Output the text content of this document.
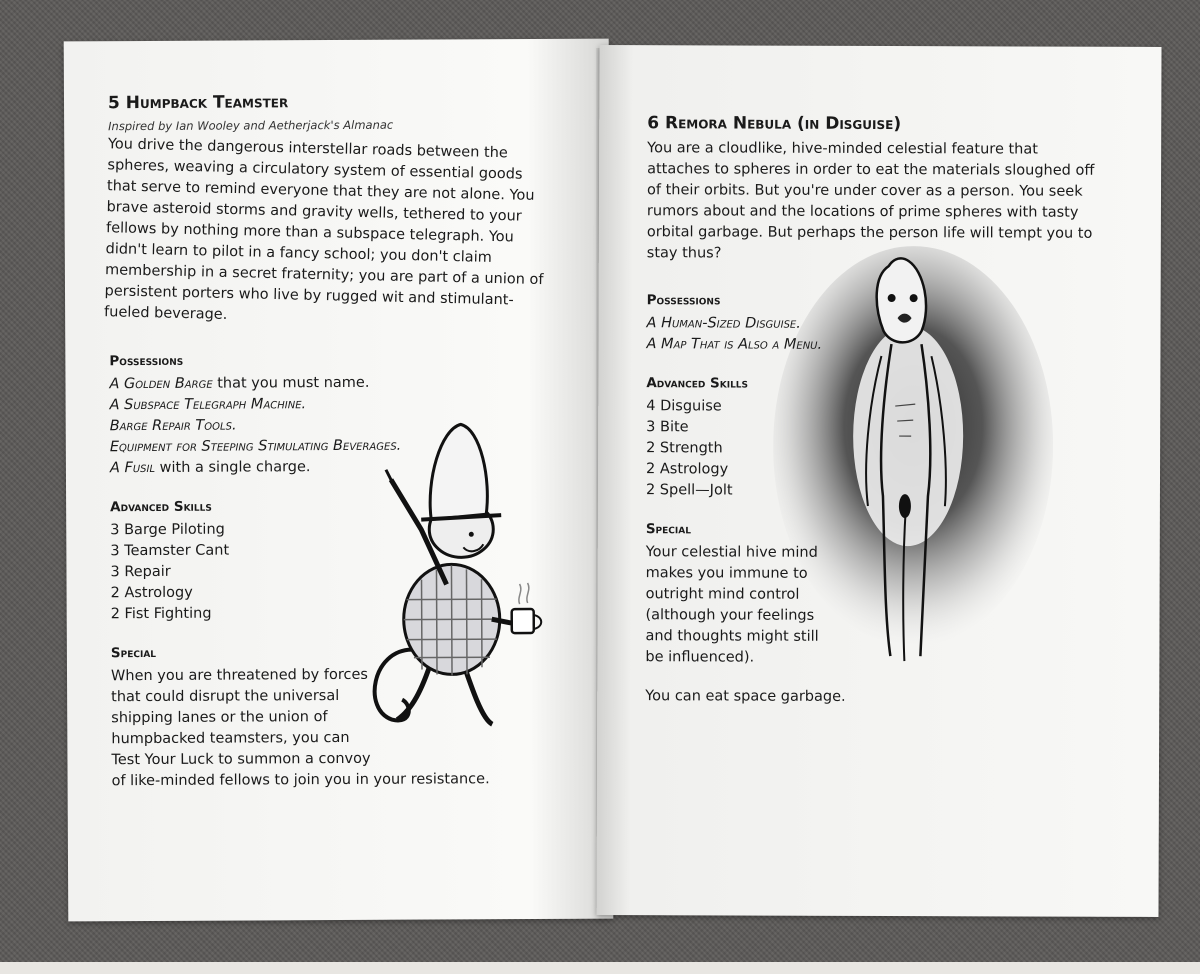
5 Humpback Teamster
Inspired by Ian Wooley and Aetherjack's Almanac

You drive the dangerous interstellar roads between the spheres, weaving a circulatory system of essential goods that serve to remind everyone that they are not alone. You brave asteroid storms and gravity wells, tethered to your fellows by nothing more than a subspace telegraph. You didn't learn to pilot in a fancy school; you don't claim membership in a secret fraternity; you are part of a union of persistent porters who live by rugged wit and stimulant-fueled beverage.

Possessions
A Golden Barge that you must name.
A Subspace Telegraph Machine.
Barge Repair Tools.
Equipment for Steeping Stimulating Beverages.
A Fusil with a single charge.
Advanced Skills
3 Barge Piloting
3 Teamster Cant
3 Repair
2 Astrology
2 Fist Fighting
Special
When you are threatened by forces
that could disrupt the universal
shipping lanes or the union of
humpbacked teamsters, you can
Test Your Luck to summon a convoy
of like-minded fellows to join you in your resistance.
6 Remora Nebula (in Disguise)

You are a cloudlike, hive-minded celestial feature that attaches to spheres in order to eat the materials sloughed off of their orbits. But you're under cover as a person. You seek rumors about and the locations of prime spheres with tasty orbital garbage. But perhaps the person life will tempt you to stay thus?

Possessions
A Human-Sized Disguise.
A Map That is Also a Menu.
Advanced Skills
4 Disguise
3 Bite
2 Strength
2 Astrology
2 Spell—Jolt
Special
Your celestial hive mind
makes you immune to
outright mind control
(although your feelings
and thoughts might still
be influenced).
You can eat space garbage.
